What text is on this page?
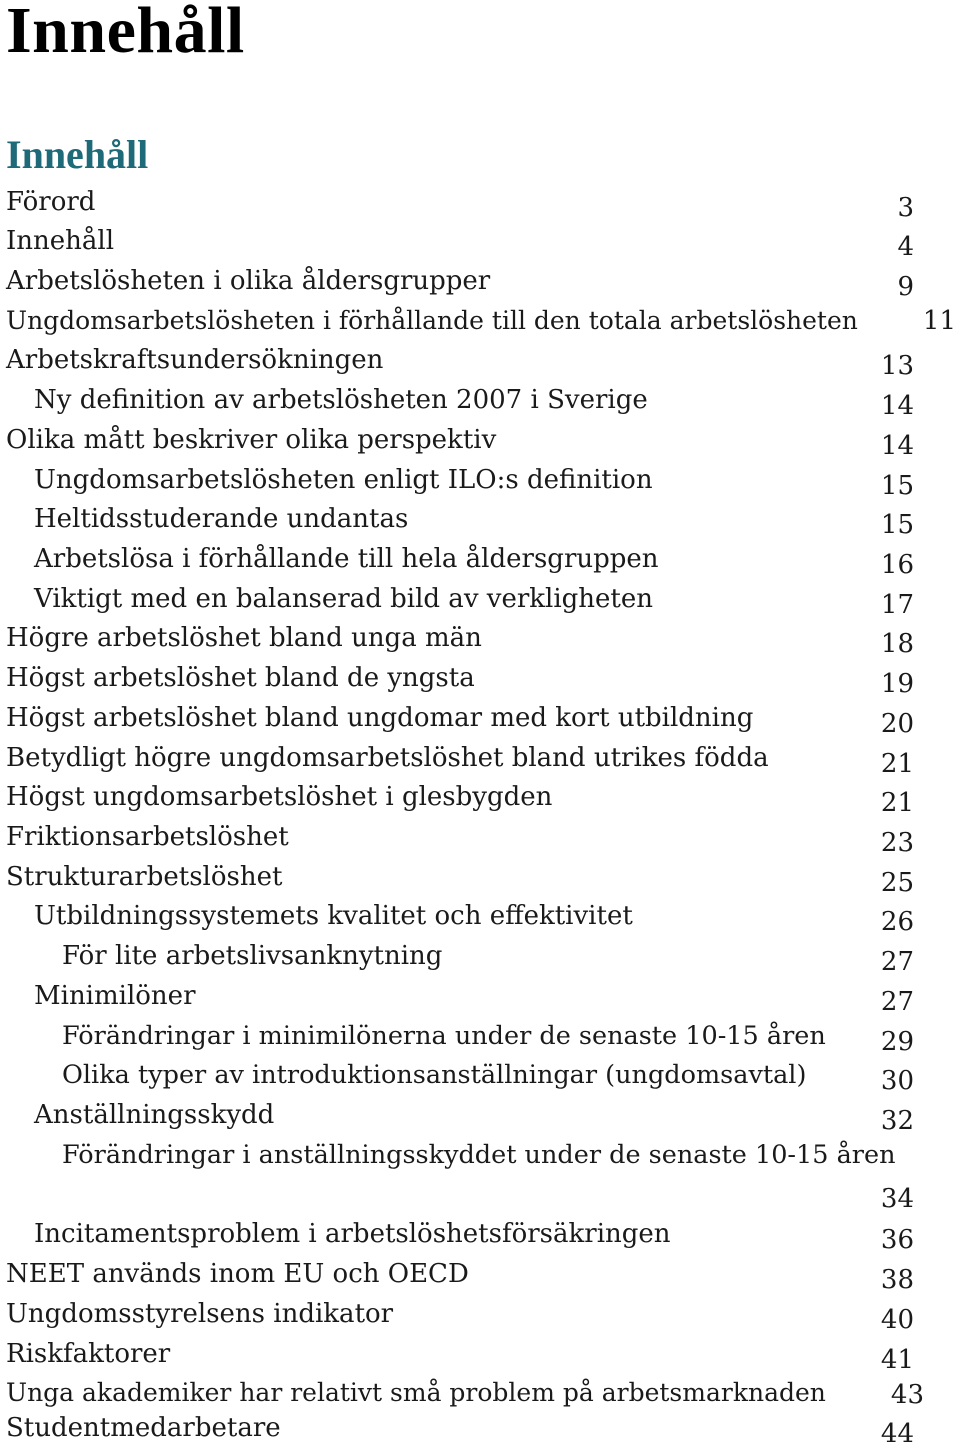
Innehåll
Innehåll
Förord	3
Innehåll	4
Arbetslösheten i olika åldersgrupper	9
Ungdomsarbetslösheten i förhållande till den totala arbetslösheten	11
Arbetskraftsundersökningen	13
Ny definition av arbetslösheten 2007 i Sverige	14
Olika mått beskriver olika perspektiv	14
Ungdomsarbetslösheten enligt ILO:s definition	15
Heltidsstuderande undantas	15
Arbetslösa i förhållande till hela åldersgruppen	16
Viktigt med en balanserad bild av verkligheten	17
Högre arbetslöshet bland unga män	18
Högst arbetslöshet bland de yngsta	19
Högst arbetslöshet bland ungdomar med kort utbildning	20
Betydligt högre ungdomsarbetslöshet bland utrikes födda	21
Högst ungdomsarbetslöshet i glesbygden	21
Friktionsarbetslöshet	23
Strukturarbetslöshet	25
Utbildningssystemets kvalitet och effektivitet	26
För lite arbetslivsanknytning	27
Minimilöner	27
Förändringar i minimilönerna under de senaste 10-15 åren 29
Olika typer av introduktionsanställningar (ungdomsavtal)	30
Anställningsskydd	32
Förändringar i anställningsskyddet under de senaste 10-15 åren
34
Incitamentsproblem i arbetslöshetsförsäkringen	36
NEET används inom EU och OECD	38
Ungdomsstyrelsens indikator	40
Riskfaktorer	41
Unga akademiker har relativt små problem på arbetsmarknaden	43
Studentmedarbetare	44
